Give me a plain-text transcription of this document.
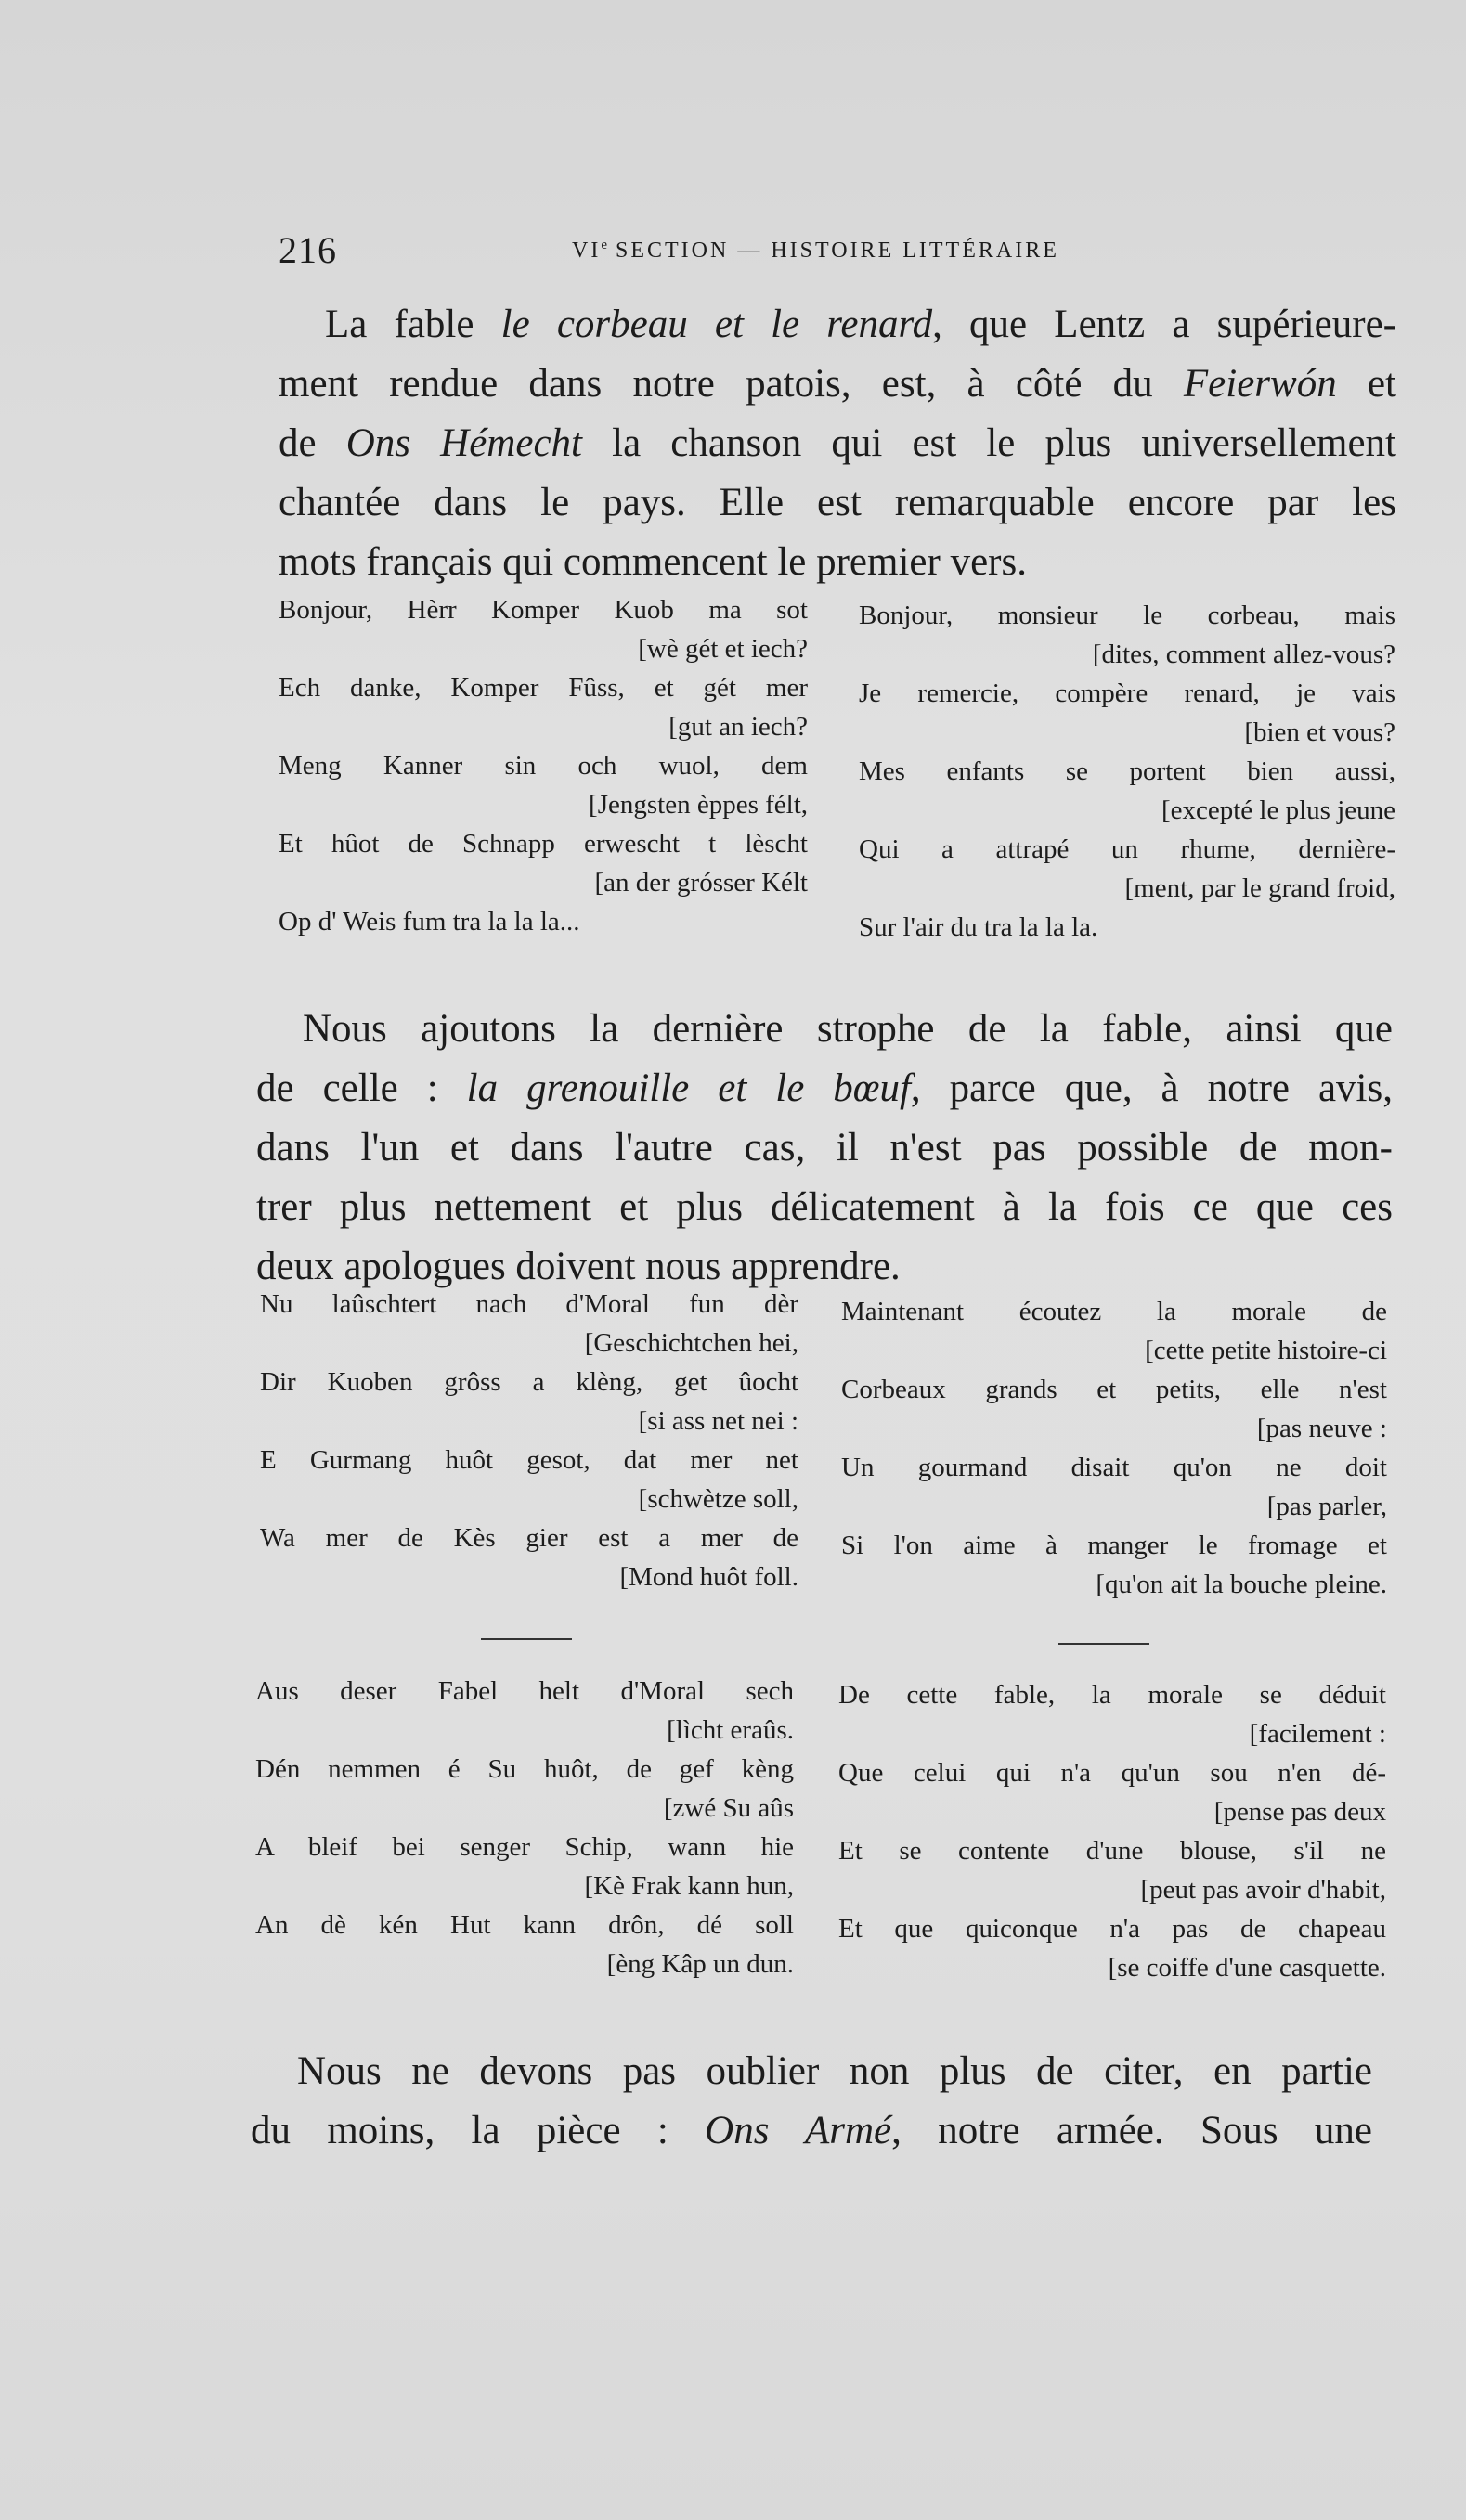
216	VIe SECTION — HISTOIRE LITTÉRAIRE
La fable le corbeau et le renard, que Lentz a supérieure-
ment rendue dans notre patois, est, à côté du Feierwón et
de Ons Hémecht la chanson qui est le plus universellement
chantée dans le pays. Elle est remarquable encore par les
mots français qui commencent le premier vers.
Bonjour, Hèrr Komper Kuob ma sot
[wè gét et iech?
Ech danke, Komper Fûss, et gét mer
[gut an iech?
Meng Kanner sin och wuol, dem
[Jengsten èppes félt,
Et hûot de Schnapp erwescht t lèscht
[an der grósser Kélt
Op d' Weis fum tra la la la...
Bonjour, monsieur le corbeau, mais
[dites, comment allez-vous?
Je remercie, compère renard, je vais
[bien et vous?
Mes enfants se portent bien aussi,
[excepté le plus jeune
Qui a attrapé un rhume, dernière-
[ment, par le grand froid,
Sur l'air du tra la la la.
Nous ajoutons la dernière strophe de la fable, ainsi que
de celle : la grenouille et le bœuf, parce que, à notre avis,
dans l'un et dans l'autre cas, il n'est pas possible de mon-
trer plus nettement et plus délicatement à la fois ce que ces
deux apologues doivent nous apprendre.
Nu laûschtert nach d'Moral fun dèr
[Geschichtchen hei,
Dir Kuoben grôss a klèng, get ûocht
[si ass net nei :
E Gurmang huôt gesot, dat mer net
[schwètze soll,
Wa mer de Kès gier est a mer de
[Mond huôt foll.
Maintenant écoutez la morale de
[cette petite histoire-ci
Corbeaux grands et petits, elle n'est
[pas neuve :
Un gourmand disait qu'on ne doit
[pas parler,
Si l'on aime à manger le fromage et
[qu'on ait la bouche pleine.
Aus deser Fabel helt d'Moral sech
[lìcht eraûs.
Dén nemmen é Su huôt, de gef kèng
[zwé Su aûs
A bleif bei senger Schip, wann hie
[Kè Frak kann hun,
An dè kén Hut kann drôn, dé soll
[èng Kâp un dun.
De cette fable, la morale se déduit
[facilement :
Que celui qui n'a qu'un sou n'en dé-
[pense pas deux
Et se contente d'une blouse, s'il ne
[peut pas avoir d'habit,
Et que quiconque n'a pas de chapeau
[se coiffe d'une casquette.
Nous ne devons pas oublier non plus de citer, en partie
du moins, la pièce : Ons Armé, notre armée. Sous une
